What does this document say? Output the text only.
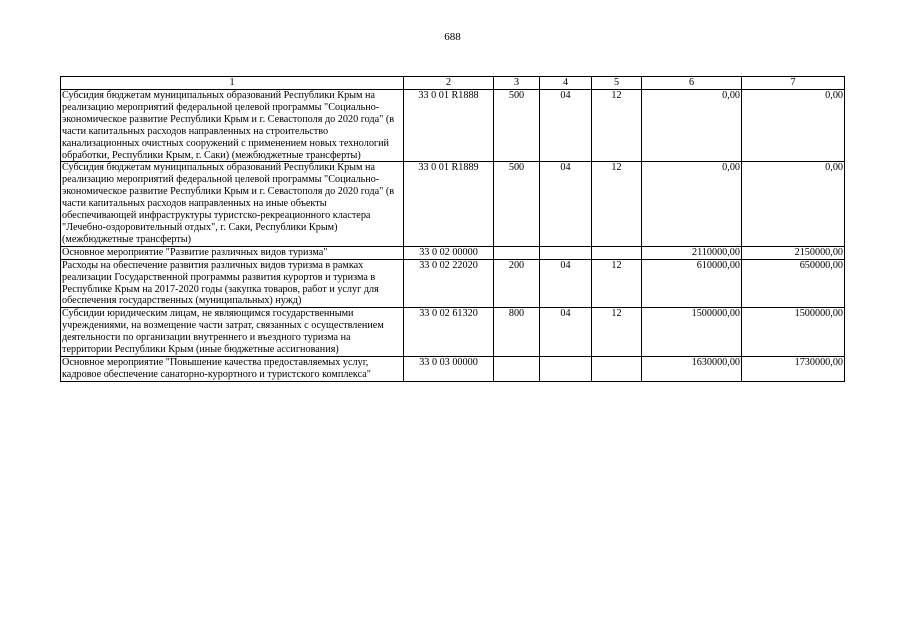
688
1	2	3	4	5	6	7
Субсидия бюджетам муниципальных образований Республики Крым на реализацию мероприятий федеральной целевой программы "Социально-экономическое развитие Республики Крым и г. Севастополя до 2020 года" (в части капитальных расходов направленных на строительство канализационных очистных сооружений с применением новых технологий обработки, Республики Крым, г. Саки) (межбюджетные трансферты)	33 0 01 R1888	500	04	12	0,00	0,00
Субсидия бюджетам муниципальных образований Республики Крым на реализацию мероприятий федеральной целевой программы "Социально-экономическое развитие Республики Крым и г. Севастополя до 2020 года" (в части капитальных расходов направленных на иные объекты обеспечивающей инфраструктуры туристско-рекреационного кластера "Лечебно-оздоровительный отдых", г. Саки, Республики Крым) (межбюджетные трансферты)	33 0 01 R1889	500	04	12	0,00	0,00
Основное мероприятие "Развитие различных видов туризма"	33 0 02 00000				2110000,00	2150000,00
Расходы на обеспечение развития различных видов туризма в рамках реализации Государственной программы развития курортов и туризма в Республике Крым на 2017-2020 годы (закупка товаров, работ и услуг для обеспечения государственных (муниципальных) нужд)	33 0 02 22020	200	04	12	610000,00	650000,00
Субсидии юридическим лицам, не являющимся государственными учреждениями, на возмещение части затрат, связанных с осуществлением деятельности по организации внутреннего и въездного туризма на территории Республики Крым (иные бюджетные ассигнования)	33 0 02 61320	800	04	12	1500000,00	1500000,00
Основное мероприятие "Повышение качества предоставляемых услуг, кадровое обеспечение санаторно-курортного и туристского комплекса"	33 0 03 00000				1630000,00	1730000,00
